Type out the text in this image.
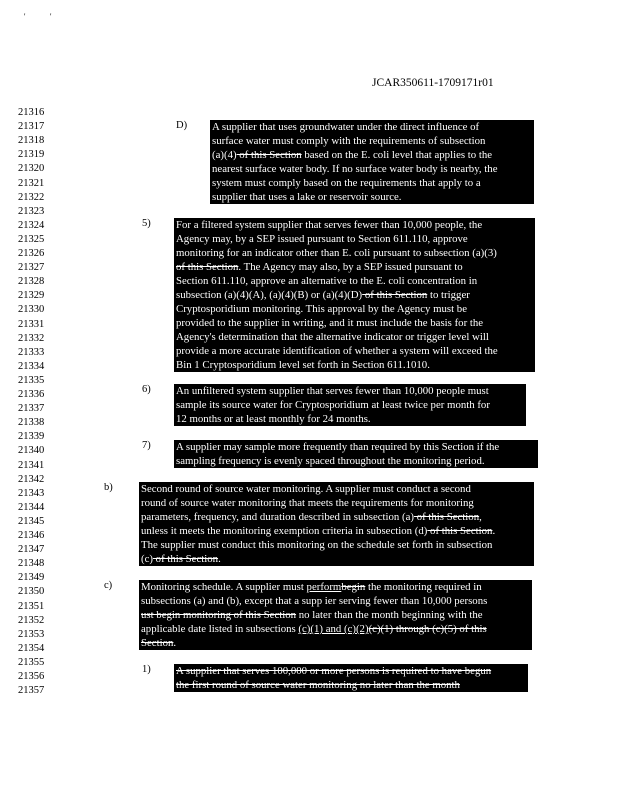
'	'
JCAR350611-1709171r01
21316
21317
21318
21319
21320
21321
21322
21323
21324
21325
21326
21327
21328
21329
21330
21331
21332
21333
21334
21335
21336
21337
21338
21339
21340
21341
21342
21343
21344
21345
21346
21347
21348
21349
21350
21351
21352
21353
21354
21355
21356
21357
D) A supplier that uses groundwater under the direct influence of
surface water must comply with the requirements of subsection
(a)(4) of this Section based on the E. coli level that applies to the
nearest surface water body. If no surface water body is nearby, the
system must comply based on the requirements that apply to a
supplier that uses a lake or reservoir source.
5) For a filtered system supplier that serves fewer than 10,000 people, the
Agency may, by a SEP issued pursuant to Section 611.110, approve
monitoring for an indicator other than E. coli pursuant to subsection (a)(3)
of this Section. The Agency may also, by a SEP issued pursuant to
Section 611.110, approve an alternative to the E. coli concentration in
subsection (a)(4)(A), (a)(4)(B) or (a)(4)(D) of this Section to trigger
Cryptosporidium monitoring. This approval by the Agency must be
provided to the supplier in writing, and it must include the basis for the
Agency's determination that the alternative indicator or trigger level will
provide a more accurate identification of whether a system will exceed the
Bin 1 Cryptosporidium level set forth in Section 611.1010.
6) An unfiltered system supplier that serves fewer than 10,000 people must
sample its source water for Cryptosporidium at least twice per month for
12 months or at least monthly for 24 months.
7) A supplier may sample more frequently than required by this Section if the
sampling frequency is evenly spaced throughout the monitoring period.
b)	Second round of source water monitoring. A supplier must conduct a second
round of source water monitoring that meets the requirements for monitoring
parameters, frequency, and duration described in subsection (a) of this Section,
unless it meets the monitoring exemption criteria in subsection (d) of this Section.
The supplier must conduct this monitoring on the schedule set forth in subsection
(c) of this Section.
c)	Monitoring schedule. A supplier must performbegin the monitoring required in
subsections (a) and (b), except that a supp ier serving fewer than 10,000 persons
ust begin monitoring of this Section no later than the month beginning with the
applicable date listed in subsections (c)(1) and (c)(2)(c)(1) through (c)(5) of this
Section.
1) A supplier that serves 100,000 or more persons is required to have begun
the first round of source water monitoring no later than the month
